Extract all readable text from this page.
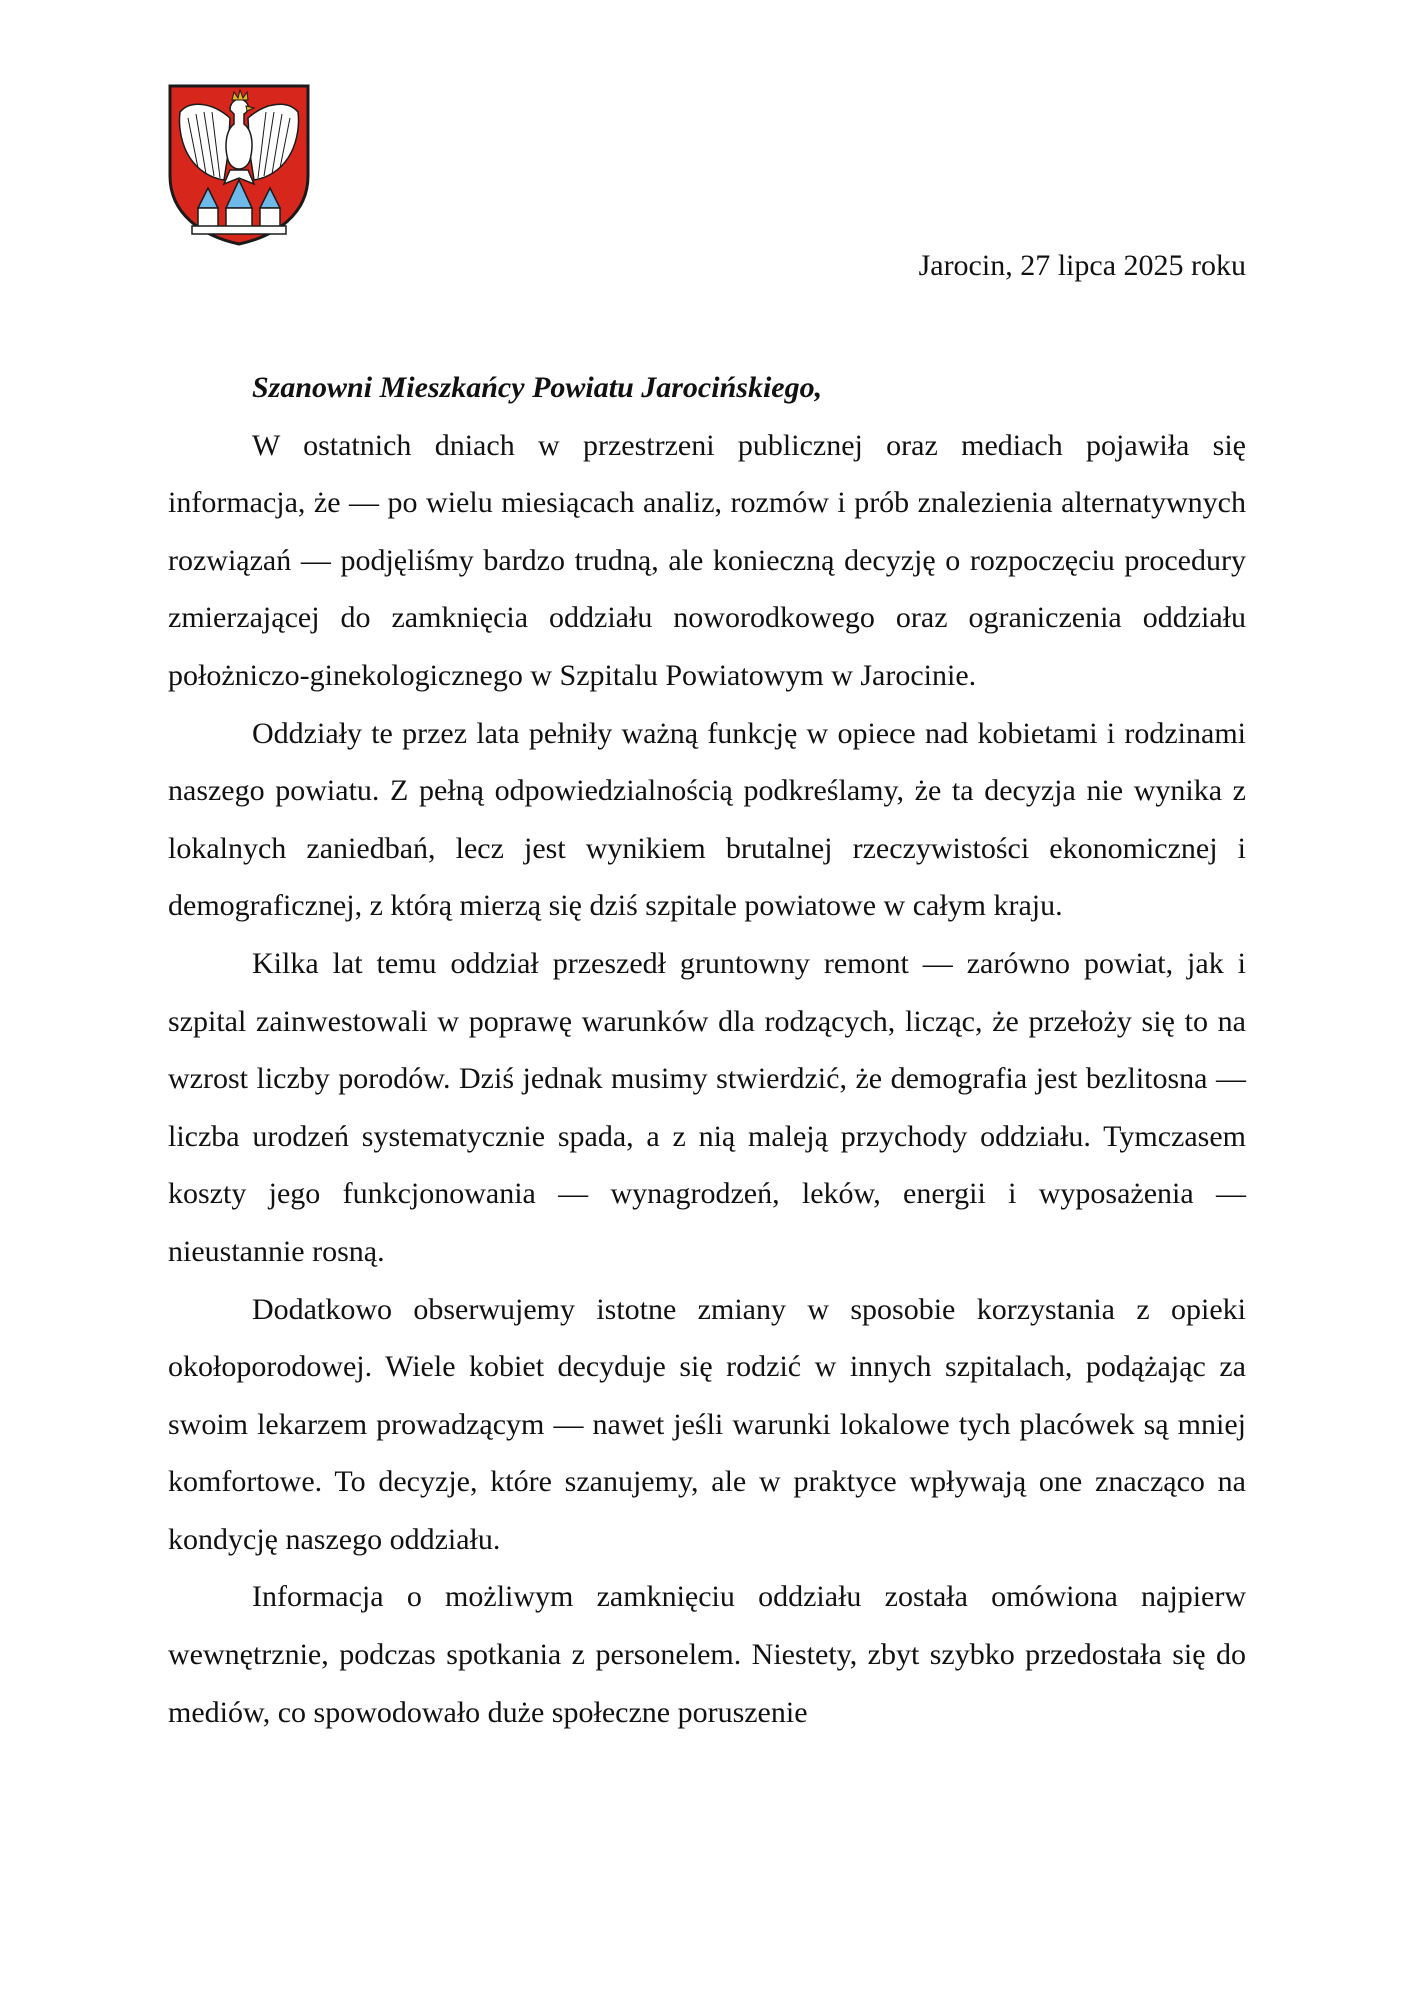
Jarocin, 27 lipca 2025 roku

Szanowni Mieszkańcy Powiatu Jarocińskiego,

W ostatnich dniach w przestrzeni publicznej oraz mediach pojawiła się informacja, że — po wielu miesiącach analiz, rozmów i prób znalezienia alternatywnych rozwiązań — podjęliśmy bardzo trudną, ale konieczną decyzję o rozpoczęciu procedury zmierzającej do zamknięcia oddziału noworodkowego oraz ograniczenia oddziału położniczo-ginekologicznego w Szpitalu Powiatowym w Jarocinie.

Oddziały te przez lata pełniły ważną funkcję w opiece nad kobietami i rodzinami naszego powiatu. Z pełną odpowiedzialnością podkreślamy, że ta decyzja nie wynika z lokalnych zaniedbań, lecz jest wynikiem brutalnej rzeczywistości ekonomicznej i demograficznej, z którą mierzą się dziś szpitale powiatowe w całym kraju.

Kilka lat temu oddział przeszedł gruntowny remont — zarówno powiat, jak i szpital zainwestowali w poprawę warunków dla rodzących, licząc, że przełoży się to na wzrost liczby porodów. Dziś jednak musimy stwierdzić, że demografia jest bezlitosna — liczba urodzeń systematycznie spada, a z nią maleją przychody oddziału. Tymczasem koszty jego funkcjonowania — wynagrodzeń, leków, energii i wyposażenia — nieustannie rosną.

Dodatkowo obserwujemy istotne zmiany w sposobie korzystania z opieki okołoporodowej. Wiele kobiet decyduje się rodzić w innych szpitalach, podążając za swoim lekarzem prowadzącym — nawet jeśli warunki lokalowe tych placówek są mniej komfortowe. To decyzje, które szanujemy, ale w praktyce wpływają one znacząco na kondycję naszego oddziału.

Informacja o możliwym zamknięciu oddziału została omówiona najpierw wewnętrznie, podczas spotkania z personelem. Niestety, zbyt szybko przedostała się do mediów, co spowodowało duże społeczne poruszenie
